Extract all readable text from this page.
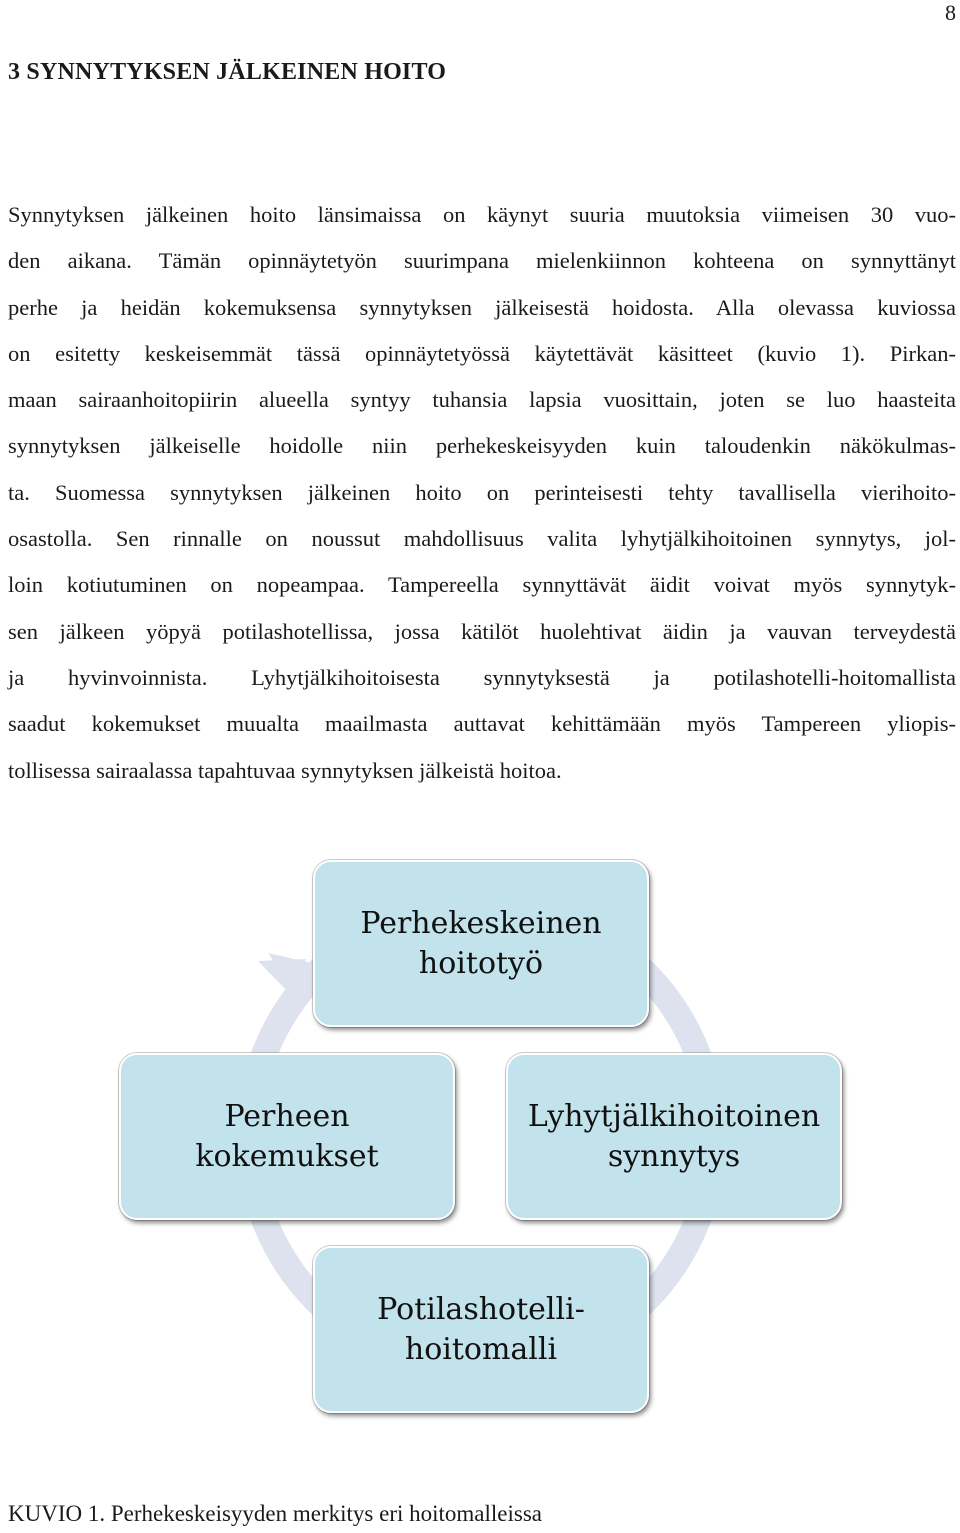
8
3 SYNNYTYKSEN JÄLKEINEN HOITO
Synnytyksen jälkeinen hoito länsimaissa on käynyt suuria muutoksia viimeisen 30 vuo-
den aikana. Tämän opinnäytetyön suurimpana mielenkiinnon kohteena on synnyttänyt
perhe ja heidän kokemuksensa synnytyksen jälkeisestä hoidosta. Alla olevassa kuviossa
on esitetty keskeisemmät tässä opinnäytetyössä käytettävät käsitteet (kuvio 1). Pirkan-
maan sairaanhoitopiirin alueella syntyy tuhansia lapsia vuosittain, joten se luo haasteita
synnytyksen jälkeiselle hoidolle niin perhekeskeisyyden kuin taloudenkin näkökulmas-
ta. Suomessa synnytyksen jälkeinen hoito on perinteisesti tehty tavallisella vierihoito-
osastolla. Sen rinnalle on noussut mahdollisuus valita lyhytjälkihoitoinen synnytys, jol-
loin kotiutuminen on nopeampaa. Tampereella synnyttävät äidit voivat myös synnytyk-
sen jälkeen yöpyä potilashotellissa, jossa kätilöt huolehtivat äidin ja vauvan terveydestä
ja hyvinvoinnista. Lyhytjälkihoitoisesta synnytyksestä ja potilashotelli-hoitomallista
saadut kokemukset muualta maailmasta auttavat kehittämään myös Tampereen yliopis-
tollisessa sairaalassa tapahtuvaa synnytyksen jälkeistä hoitoa.
Perhekeskeinen
hoitotyö
Perheen
kokemukset
Lyhytjälkihoitoinen
synnytys
Potilashotelli-
hoitomalli

KUVIO 1. Perhekeskeisyyden merkitys eri hoitomalleissa
